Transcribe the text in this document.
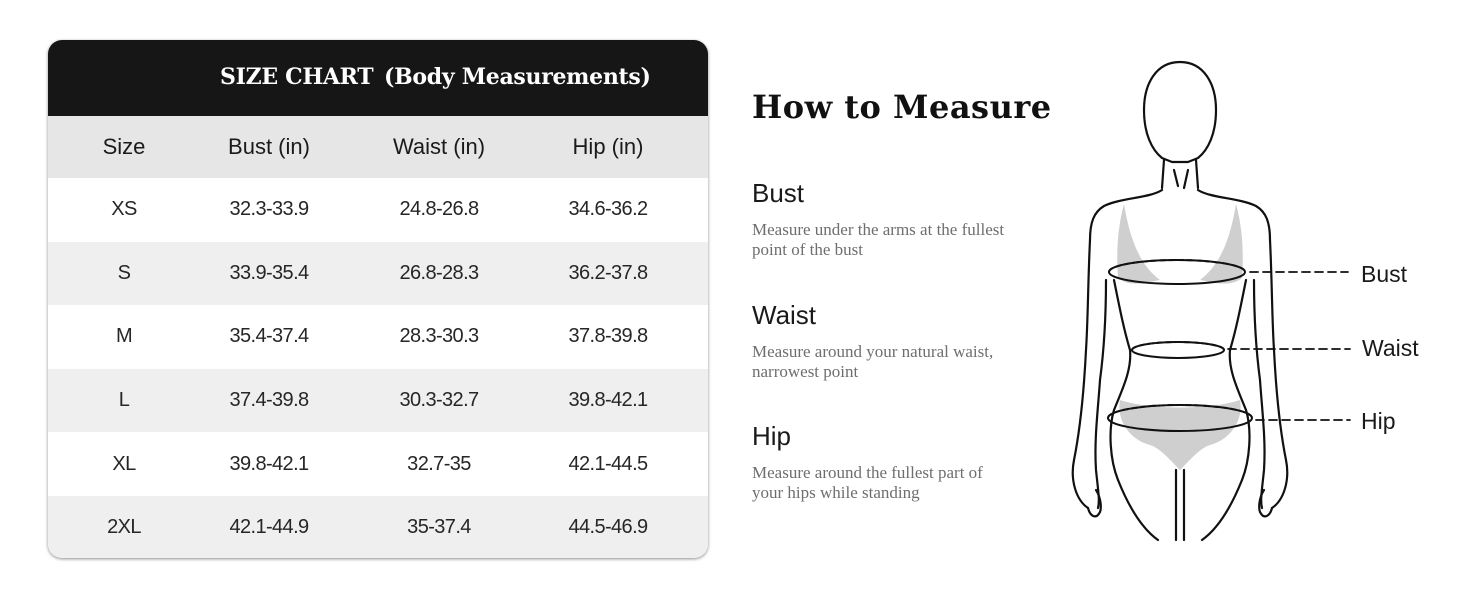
SIZE CHART (Body Measurements)
Size	Bust (in)	Waist (in)	Hip (in)
XS	32.3-33.9	24.8-26.8	34.6-36.2
S	33.9-35.4	26.8-28.3	36.2-37.8
M	35.4-37.4	28.3-30.3	37.8-39.8
L	37.4-39.8	30.3-32.7	39.8-42.1
XL	39.8-42.1	32.7-35	42.1-44.5
2XL	42.1-44.9	35-37.4	44.5-46.9
How to Measure
Bust
Measure under the arms at the fullest
point of the bust
Waist
Measure around your natural waist,
narrowest point
Hip
Measure around the fullest part of
your hips while standing
Bust
Waist
Hip
